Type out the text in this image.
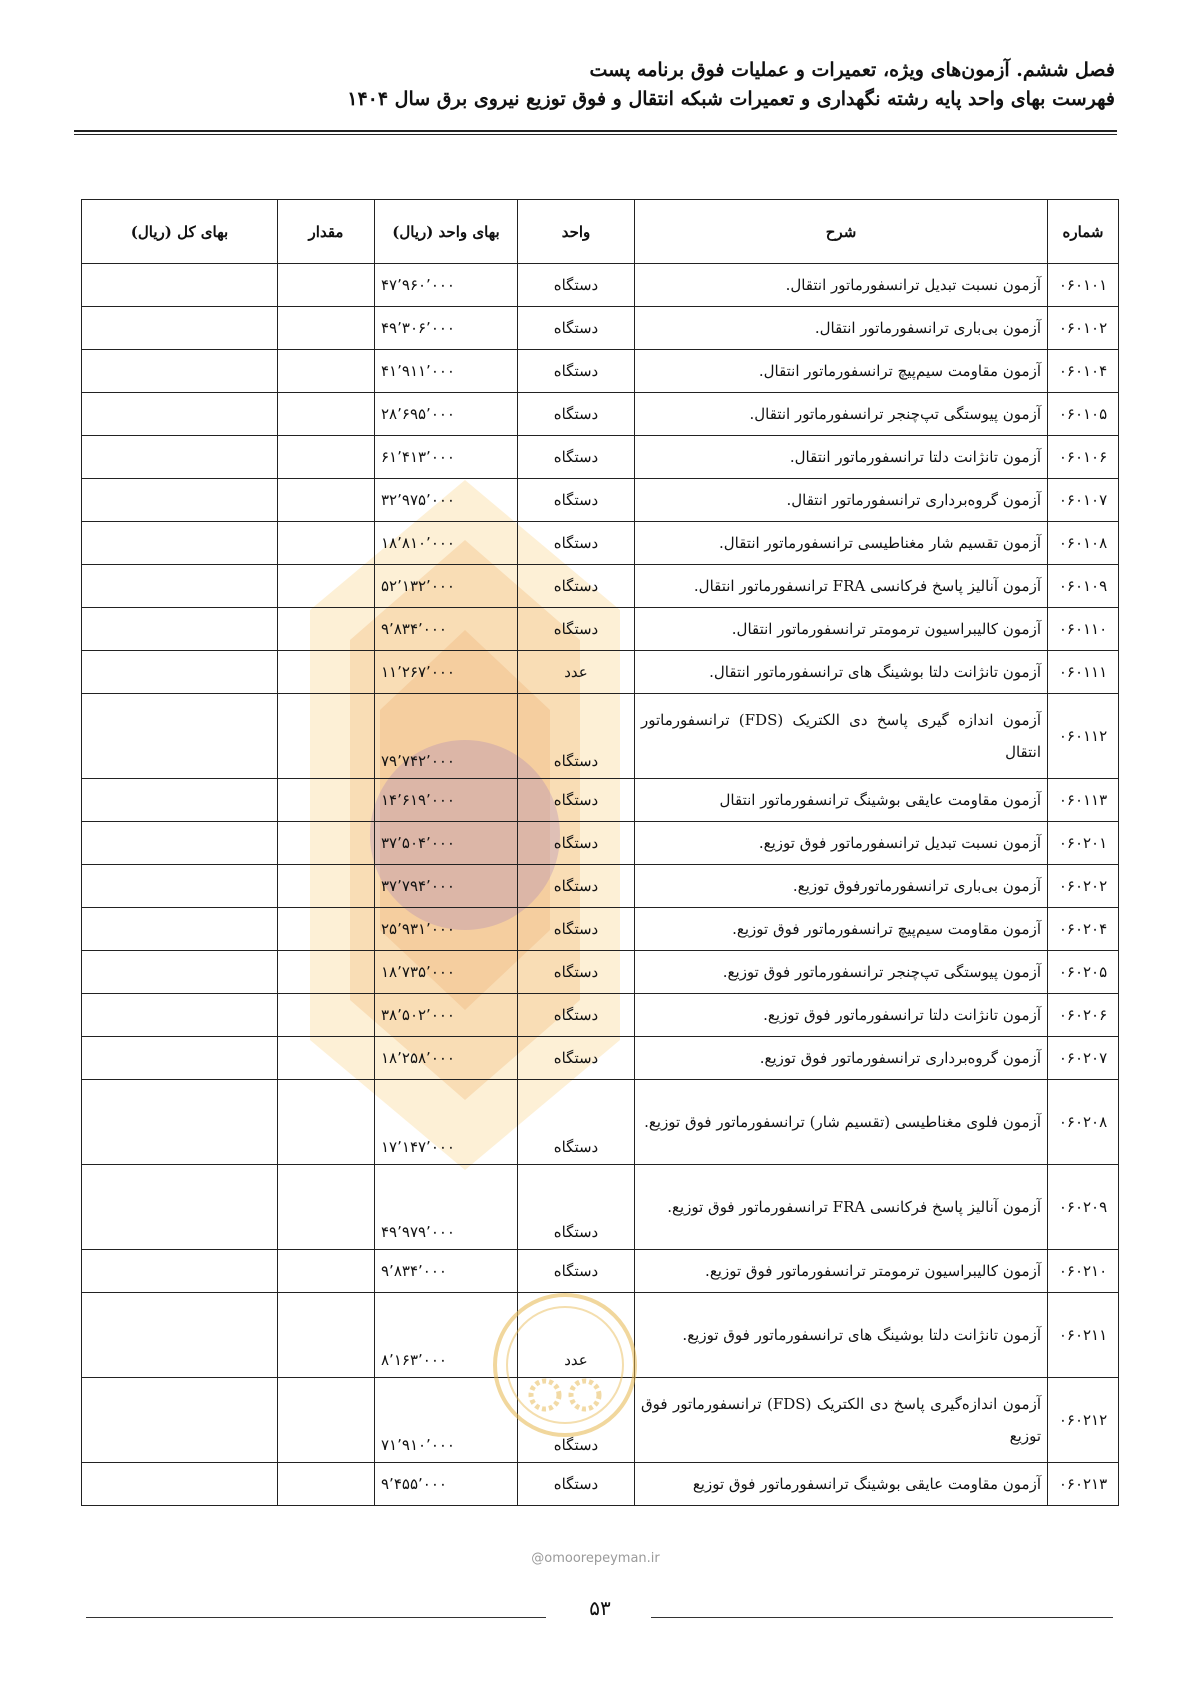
فصل ششم. آزمون‌های ویژه، تعمیرات و عملیات فوق برنامه پست
فهرست بهای واحد پایه رشته نگهداری و تعمیرات شبکه انتقال و فوق توزیع نیروی برق سال ۱۴۰۴
شماره	شرح	واحد	بهای واحد (ریال)	مقدار	بهای کل (ریال)
۰۶۰۱۰۱	آزمون نسبت تبدیل ترانسفورماتور انتقال.	دستگاه	۴۷٬۹۶۰٬۰۰۰		
۰۶۰۱۰۲	آزمون بی‌باری ترانسفورماتور انتقال.	دستگاه	۴۹٬۳۰۶٬۰۰۰		
۰۶۰۱۰۴	آزمون مقاومت سیم‌پیچ ترانسفورماتور انتقال.	دستگاه	۴۱٬۹۱۱٬۰۰۰		
۰۶۰۱۰۵	آزمون پیوستگی تپ‌چنجر ترانسفورماتور انتقال.	دستگاه	۲۸٬۶۹۵٬۰۰۰		
۰۶۰۱۰۶	آزمون تانژانت دلتا ترانسفورماتور انتقال.	دستگاه	۶۱٬۴۱۳٬۰۰۰		
۰۶۰۱۰۷	آزمون گروه‌برداری ترانسفورماتور انتقال.	دستگاه	۳۲٬۹۷۵٬۰۰۰		
۰۶۰۱۰۸	آزمون تقسیم شار مغناطیسی ترانسفورماتور انتقال.	دستگاه	۱۸٬۸۱۰٬۰۰۰		
۰۶۰۱۰۹	آزمون آنالیز پاسخ فرکانسی FRA ترانسفورماتور انتقال.	دستگاه	۵۲٬۱۳۲٬۰۰۰		
۰۶۰۱۱۰	آزمون کالیبراسیون ترمومتر ترانسفورماتور انتقال.	دستگاه	۹٬۸۳۴٬۰۰۰		
۰۶۰۱۱۱	آزمون تانژانت دلتا بوشینگ های ترانسفورماتور انتقال.	عدد	۱۱٬۲۶۷٬۰۰۰		
۰۶۰۱۱۲	آزمون اندازه گیری پاسخ دی الکتریک (FDS) ترانسفورماتور انتقال	دستگاه	۷۹٬۷۴۲٬۰۰۰		
۰۶۰۱۱۳	آزمون مقاومت عایقی بوشینگ ترانسفورماتور انتقال	دستگاه	۱۴٬۶۱۹٬۰۰۰		
۰۶۰۲۰۱	آزمون نسبت تبدیل ترانسفورماتور فوق توزیع.	دستگاه	۳۷٬۵۰۴٬۰۰۰		
۰۶۰۲۰۲	آزمون بی‌باری ترانسفورماتورفوق توزیع.	دستگاه	۳۷٬۷۹۴٬۰۰۰		
۰۶۰۲۰۴	آزمون مقاومت سیم‌پیچ ترانسفورماتور فوق توزیع.	دستگاه	۲۵٬۹۳۱٬۰۰۰		
۰۶۰۲۰۵	آزمون پیوستگی تپ‌چنجر ترانسفورماتور فوق توزیع.	دستگاه	۱۸٬۷۳۵٬۰۰۰		
۰۶۰۲۰۶	آزمون تانژانت دلتا ترانسفورماتور فوق توزیع.	دستگاه	۳۸٬۵۰۲٬۰۰۰		
۰۶۰۲۰۷	آزمون گروه‌برداری ترانسفورماتور فوق توزیع.	دستگاه	۱۸٬۲۵۸٬۰۰۰		
۰۶۰۲۰۸	آزمون فلوی مغناطیسی (تقسیم شار) ترانسفورماتور فوق توزیع.	دستگاه	۱۷٬۱۴۷٬۰۰۰		
۰۶۰۲۰۹	آزمون آنالیز پاسخ فرکانسی FRA ترانسفورماتور فوق توزیع.	دستگاه	۴۹٬۹۷۹٬۰۰۰		
۰۶۰۲۱۰	آزمون کالیبراسیون ترمومتر ترانسفورماتور فوق توزیع.	دستگاه	۹٬۸۳۴٬۰۰۰		
۰۶۰۲۱۱	آزمون تانژانت دلتا بوشینگ های ترانسفورماتور فوق توزیع.	عدد	۸٬۱۶۳٬۰۰۰		
۰۶۰۲۱۲	آزمون اندازه‌گیری پاسخ دی الکتریک (FDS) ترانسفورماتور فوق توزیع	دستگاه	۷۱٬۹۱۰٬۰۰۰		
۰۶۰۲۱۳	آزمون مقاومت عایقی بوشینگ ترانسفورماتور فوق توزیع	دستگاه	۹٬۴۵۵٬۰۰۰		
@omoorepeyman.ir
۵۳
